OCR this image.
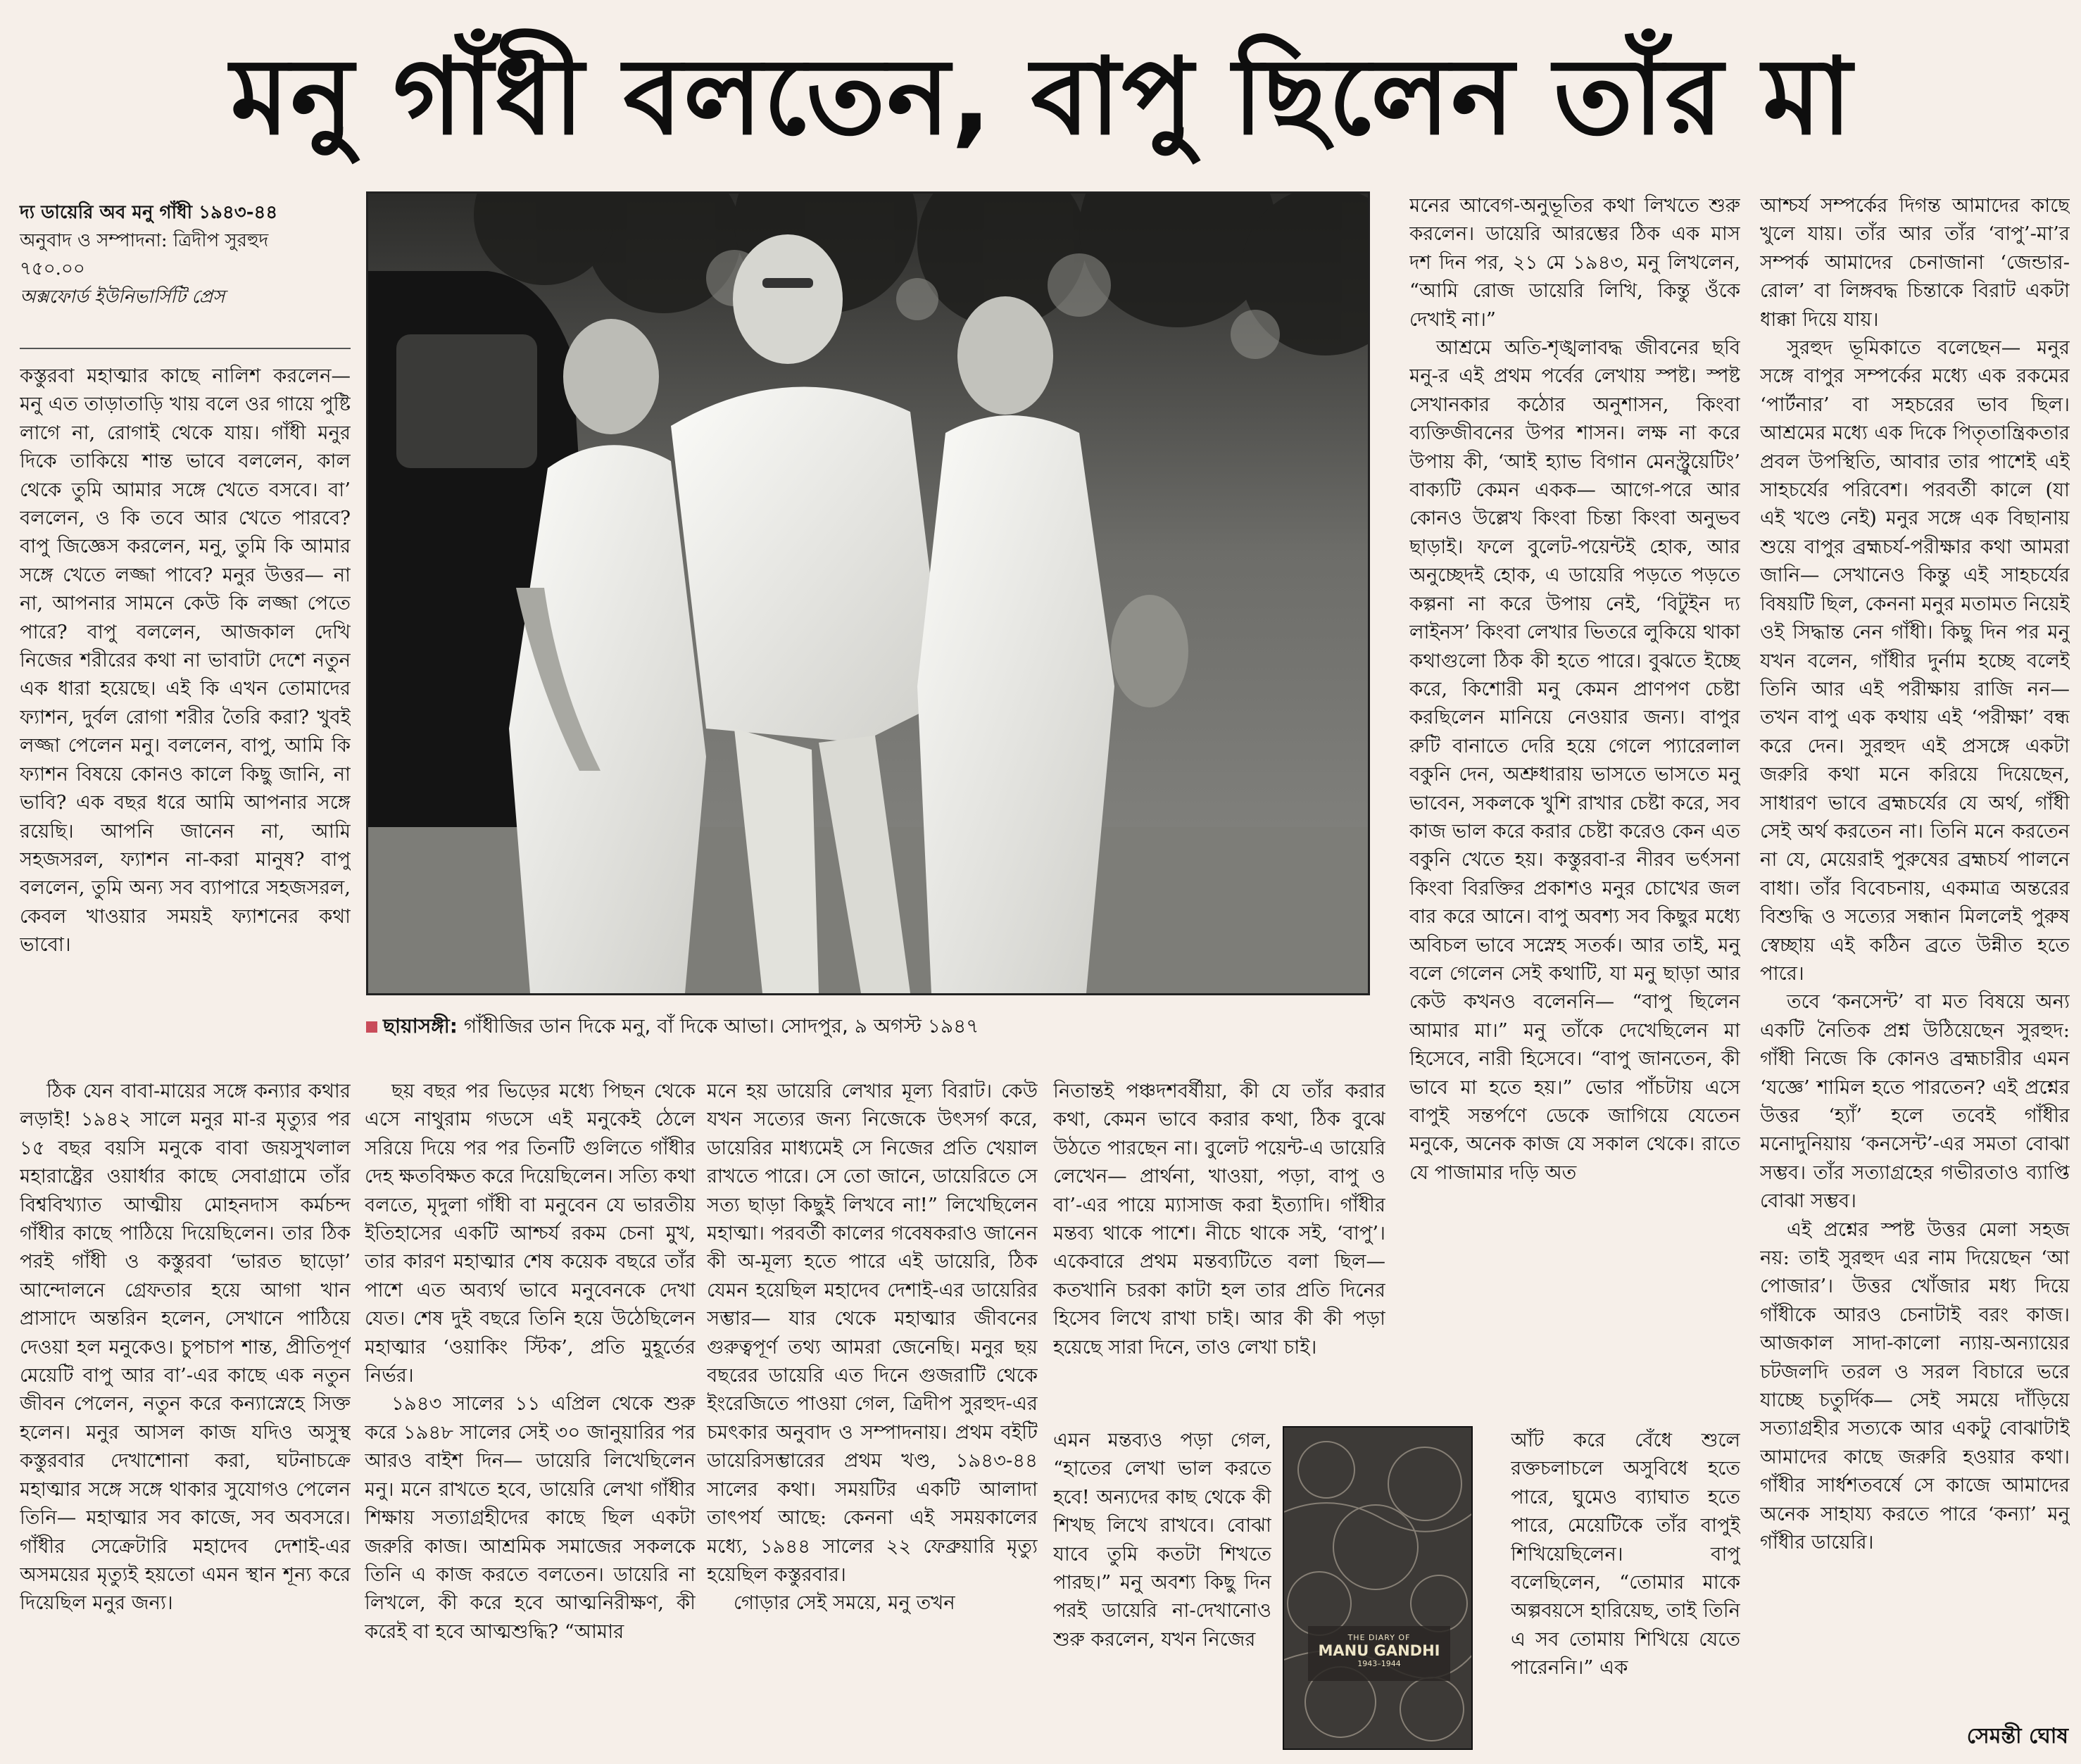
মনু গাঁধী বলতেন, বাপু ছিলেন তাঁর মা
দ্য ডায়েরি অব মনু গাঁধী ১৯৪৩-৪৪
অনুবাদ ও সম্পাদনা: ত্রিদীপ সুরহুদ
৭৫০.০০
অক্সফোর্ড ইউনিভার্সিটি প্রেস

কস্তুরবা মহাত্মার কাছে নালিশ করলেন— মনু এত তাড়াতাড়ি খায় বলে ওর গায়ে পুষ্টি লাগে না, রোগাই থেকে যায়। গাঁধী মনুর দিকে তাকিয়ে শান্ত ভাবে বললেন, কাল থেকে তুমি আমার সঙ্গে খেতে বসবে। বা’ বললেন, ও কি তবে আর খেতে পারবে? বাপু জিজ্ঞেস করলেন, মনু, তুমি কি আমার সঙ্গে খেতে লজ্জা পাবে? মনুর উত্তর— না না, আপনার সামনে কেউ কি লজ্জা পেতে পারে? বাপু বললেন, আজকাল দেখি নিজের শরীরের কথা না ভাবাটা দেশে নতুন এক ধারা হয়েছে। এই কি এখন তোমাদের ফ্যাশন, দুর্বল রোগা শরীর তৈরি করা? খুবই লজ্জা পেলেন মনু। বললেন, বাপু, আমি কি ফ্যাশন বিষয়ে কোনও কালে কিছু জানি, না ভাবি? এক বছর ধরে আমি আপনার সঙ্গে রয়েছি। আপনি জানেন না, আমি সহজসরল, ফ্যাশন না-করা মানুষ? বাপু বললেন, তুমি অন্য সব ব্যাপারে সহজসরল, কেবল খাওয়ার সময়ই ফ্যাশনের কথা ভাবো।

ঠিক যেন বাবা-মায়ের সঙ্গে কন্যার কথার লড়াই! ১৯৪২ সালে মনুর মা-র মৃত্যুর পর ১৫ বছর বয়সি মনুকে বাবা জয়সুখলাল মহারাষ্ট্রের ওয়ার্ধার কাছে সেবাগ্রামে তাঁর বিশ্ববিখ্যাত আত্মীয় মোহনদাস কর্মচন্দ গাঁধীর কাছে পাঠিয়ে দিয়েছিলেন। তার ঠিক পরই গাঁধী ও কস্তুরবা ‘ভারত ছাড়ো’ আন্দোলনে গ্রেফতার হয়ে আগা খান প্রাসাদে অন্তরিন হলেন, সেখানে পাঠিয়ে দেওয়া হল মনুকেও। চুপচাপ শান্ত, প্রীতিপূর্ণ মেয়েটি বাপু আর বা’-এর কাছে এক নতুন জীবন পেলেন, নতুন করে কন্যাস্নেহে সিক্ত হলেন। মনুর আসল কাজ যদিও অসুস্থ কস্তুরবার দেখাশোনা করা, ঘটনাচক্রে মহাত্মার সঙ্গে সঙ্গে থাকার সুযোগও পেলেন তিনি— মহাত্মার সব কাজে, সব অবসরে। গাঁধীর সেক্রেটারি মহাদেব দেশাই-এর অসময়ের মৃত্যুই হয়তো এমন স্থান শূন্য করে দিয়েছিল মনুর জন্য।

ছায়াসঙ্গী: গাঁধীজির ডান দিকে মনু, বাঁ দিকে আভা। সোদপুর, ৯ অগস্ট ১৯৪৭

ছয় বছর পর ভিড়ের মধ্যে পিছন থেকে এসে নাথুরাম গডসে এই মনুকেই ঠেলে সরিয়ে দিয়ে পর পর তিনটি গুলিতে গাঁধীর দেহ ক্ষতবিক্ষত করে দিয়েছিলেন। সত্যি কথা বলতে, মৃদুলা গাঁধী বা মনুবেন যে ভারতীয় ইতিহাসের একটি আশ্চর্য রকম চেনা মুখ, তার কারণ মহাত্মার শেষ কয়েক বছরে তাঁর পাশে এত অব্যর্থ ভাবে মনুবেনকে দেখা যেত। শেষ দুই বছরে তিনি হয়ে উঠেছিলেন মহাত্মার ‘ওয়াকিং স্টিক’, প্রতি মুহূর্তের নির্ভর।

১৯৪৩ সালের ১১ এপ্রিল থেকে শুরু করে ১৯৪৮ সালের সেই ৩০ জানুয়ারির পর আরও বাইশ দিন— ডায়েরি লিখেছিলেন মনু। মনে রাখতে হবে, ডায়েরি লেখা গাঁধীর শিক্ষায় সত্যাগ্রহীদের কাছে ছিল একটা জরুরি কাজ। আশ্রমিক সমাজের সকলকে তিনি এ কাজ করতে বলতেন। ডায়েরি না লিখলে, কী করে হবে আত্মনিরীক্ষণ, কী করেই বা হবে আত্মশুদ্ধি? “আমার

মনে হয় ডায়েরি লেখার মূল্য বিরাট। কেউ যখন সত্যের জন্য নিজেকে উৎসর্গ করে, ডায়েরির মাধ্যমেই সে নিজের প্রতি খেয়াল রাখতে পারে। সে তো জানে, ডায়েরিতে সে সত্য ছাড়া কিছুই লিখবে না!” লিখেছিলেন মহাত্মা। পরবর্তী কালের গবেষকরাও জানেন কী অ-মূল্য হতে পারে এই ডায়েরি, ঠিক যেমন হয়েছিল মহাদেব দেশাই-এর ডায়েরির সম্ভার— যার থেকে মহাত্মার জীবনের গুরুত্বপূর্ণ তথ্য আমরা জেনেছি। মনুর ছয় বছরের ডায়েরি এত দিনে গুজরাটি থেকে ইংরেজিতে পাওয়া গেল, ত্রিদীপ সুরহুদ-এর চমৎকার অনুবাদ ও সম্পাদনায়। প্রথম বইটি ডায়েরিসম্ভারের প্রথম খণ্ড, ১৯৪৩-৪৪ সালের কথা। সময়টির একটি আলাদা তাৎপর্য আছে: কেননা এই সময়কালের মধ্যে, ১৯৪৪ সালের ২২ ফেব্রুয়ারি মৃত্যু হয়েছিল কস্তুরবার।

গোড়ার সেই সময়ে, মনু তখন

নিতান্তই পঞ্চদশবর্ষীয়া, কী যে তাঁর করার কথা, কেমন ভাবে করার কথা, ঠিক বুঝে উঠতে পারছেন না। বুলেট পয়েন্ট-এ ডায়েরি লেখেন— প্রার্থনা, খাওয়া, পড়া, বাপু ও বা’-এর পায়ে ম্যাসাজ করা ইত্যাদি। গাঁধীর মন্তব্য থাকে পাশে। নীচে থাকে সই, ‘বাপু’। একেবারে প্রথম মন্তব্যটিতে বলা ছিল— কতখানি চরকা কাটা হল তার প্রতি দিনের হিসেব লিখে রাখা চাই। আর কী কী পড়া হয়েছে সারা দিনে, তাও লেখা চাই।

এমন মন্তব্যও পড়া গেল, “হাতের লেখা ভাল করতে হবে! অন্যদের কাছ থেকে কী শিখছ লিখে রাখবে। বোঝা যাবে তুমি কতটা শিখতে পারছ।” মনু অবশ্য কিছু দিন পরই ডায়েরি না-দেখানোও শুরু করলেন, যখন নিজের	THE DIARY OF
MANU GANDHI
1943–1944

মনের আবেগ-অনুভূতির কথা লিখতে শুরু করলেন। ডায়েরি আরম্ভের ঠিক এক মাস দশ দিন পর, ২১ মে ১৯৪৩, মনু লিখলেন, “আমি রোজ ডায়েরি লিখি, কিন্তু ওঁকে দেখাই না।”

আশ্রমে অতি-শৃঙ্খলাবদ্ধ জীবনের ছবি মনু-র এই প্রথম পর্বের লেখায় স্পষ্ট। স্পষ্ট সেখানকার কঠোর অনুশাসন, কিংবা ব্যক্তিজীবনের উপর শাসন। লক্ষ না করে উপায় কী, ‘আই হ্যাভ বিগান মেনস্ট্রুয়েটিং’ বাক্যটি কেমন একক— আগে-পরে আর কোনও উল্লেখ কিংবা চিন্তা কিংবা অনুভব ছাড়াই। ফলে বুলেট-পয়েন্টই হোক, আর অনুচ্ছেদই হোক, এ ডায়েরি পড়তে পড়তে কল্পনা না করে উপায় নেই, ‘বিটুইন দ্য লাইনস’ কিংবা লেখার ভিতরে লুকিয়ে থাকা কথাগুলো ঠিক কী হতে পারে। বুঝতে ইচ্ছে করে, কিশোরী মনু কেমন প্রাণপণ চেষ্টা করছিলেন মানিয়ে নেওয়ার জন্য। বাপুর রুটি বানাতে দেরি হয়ে গেলে প্যারেলাল বকুনি দেন, অশ্রুধারায় ভাসতে ভাসতে মনু ভাবেন, সকলকে খুশি রাখার চেষ্টা করে, সব কাজ ভাল করে করার চেষ্টা করেও কেন এত বকুনি খেতে হয়। কস্তুরবা-র নীরব ভর্ৎসনা কিংবা বিরক্তির প্রকাশও মনুর চোখের জল বার করে আনে। বাপু অবশ্য সব কিছুর মধ্যে অবিচল ভাবে সস্নেহ সতর্ক। আর তাই, মনু বলে গেলেন সেই কথাটি, যা মনু ছাড়া আর কেউ কখনও বলেননি— “বাপু ছিলেন আমার মা।” মনু তাঁকে দেখেছিলেন মা হিসেবে, নারী হিসেবে। “বাপু জানতেন, কী ভাবে মা হতে হয়।” ভোর পাঁচটায় এসে বাপুই সন্তর্পণে ডেকে জাগিয়ে যেতেন মনুকে, অনেক কাজ যে সকাল থেকে। রাতে যে পাজামার দড়ি অত

আঁট করে বেঁধে শুলে রক্তচলাচলে অসুবিধে হতে পারে, ঘুমেও ব্যাঘাত হতে পারে, মেয়েটিকে তাঁর বাপুই শিখিয়েছিলেন। বাপু বলেছিলেন, “তোমার মাকে অল্পবয়সে হারিয়েছ, তাই তিনি এ সব তোমায় শিখিয়ে যেতে পারেননি।” এক

আশ্চর্য সম্পর্কের দিগন্ত আমাদের কাছে খুলে যায়। তাঁর আর তাঁর ‘বাপু’-মা’র সম্পর্ক আমাদের চেনাজানা ‘জেন্ডার-রোল’ বা লিঙ্গবদ্ধ চিন্তাকে বিরাট একটা ধাক্কা দিয়ে যায়।

সুরহুদ ভূমিকাতে বলেছেন— মনুর সঙ্গে বাপুর সম্পর্কের মধ্যে এক রকমের ‘পার্টনার’ বা সহচরের ভাব ছিল। আশ্রমের মধ্যে এক দিকে পিতৃতান্ত্রিকতার প্রবল উপস্থিতি, আবার তার পাশেই এই সাহচর্যের পরিবেশ। পরবর্তী কালে (যা এই খণ্ডে নেই) মনুর সঙ্গে এক বিছানায় শুয়ে বাপুর ব্রহ্মচর্য-পরীক্ষার কথা আমরা জানি— সেখানেও কিন্তু এই সাহচর্যের বিষয়টি ছিল, কেননা মনুর মতামত নিয়েই ওই সিদ্ধান্ত নেন গাঁধী। কিছু দিন পর মনু যখন বলেন, গাঁধীর দুর্নাম হচ্ছে বলেই তিনি আর এই পরীক্ষায় রাজি নন— তখন বাপু এক কথায় এই ‘পরীক্ষা’ বন্ধ করে দেন। সুরহুদ এই প্রসঙ্গে একটা জরুরি কথা মনে করিয়ে দিয়েছেন, সাধারণ ভাবে ব্রহ্মচর্যের যে অর্থ, গাঁধী সেই অর্থ করতেন না। তিনি মনে করতেন না যে, মেয়েরাই পুরুষের ব্রহ্মচর্য পালনে বাধা। তাঁর বিবেচনায়, একমাত্র অন্তরের বিশুদ্ধি ও সত্যের সন্ধান মিললেই পুরুষ স্বেচ্ছায় এই কঠিন ব্রতে উন্নীত হতে পারে।

তবে ‘কনসেন্ট’ বা মত বিষয়ে অন্য একটি নৈতিক প্রশ্ন উঠিয়েছেন সুরহুদ: গাঁধী নিজে কি কোনও ব্রহ্মচারীর এমন ‘যজ্ঞে’ শামিল হতে পারতেন? এই প্রশ্নের উত্তর ‘হ্যাঁ’ হলে তবেই গাঁধীর মনোদুনিয়ায় ‘কনসেন্ট’-এর সমতা বোঝা সম্ভব। তাঁর সত্যাগ্রহের গভীরতাও ব্যাপ্তি বোঝা সম্ভব।

এই প্রশ্নের স্পষ্ট উত্তর মেলা সহজ নয়: তাই সুরহুদ এর নাম দিয়েছেন ‘আ পোজার’। উত্তর খোঁজার মধ্য দিয়ে গাঁধীকে আরও চেনাটাই বরং কাজ। আজকাল সাদা-কালো ন্যায়-অন্যায়ের চটজলদি তরল ও সরল বিচারে ভরে যাচ্ছে চতুর্দিক— সেই সময়ে দাঁড়িয়ে সত্যাগ্রহীর সত্যকে আর একটু বোঝাটাই আমাদের কাছে জরুরি হওয়ার কথা। গাঁধীর সার্ধশতবর্ষে সে কাজে আমাদের অনেক সাহায্য করতে পারে ‘কন্যা’ মনু গাঁধীর ডায়েরি।

সেমন্তী ঘোষ
